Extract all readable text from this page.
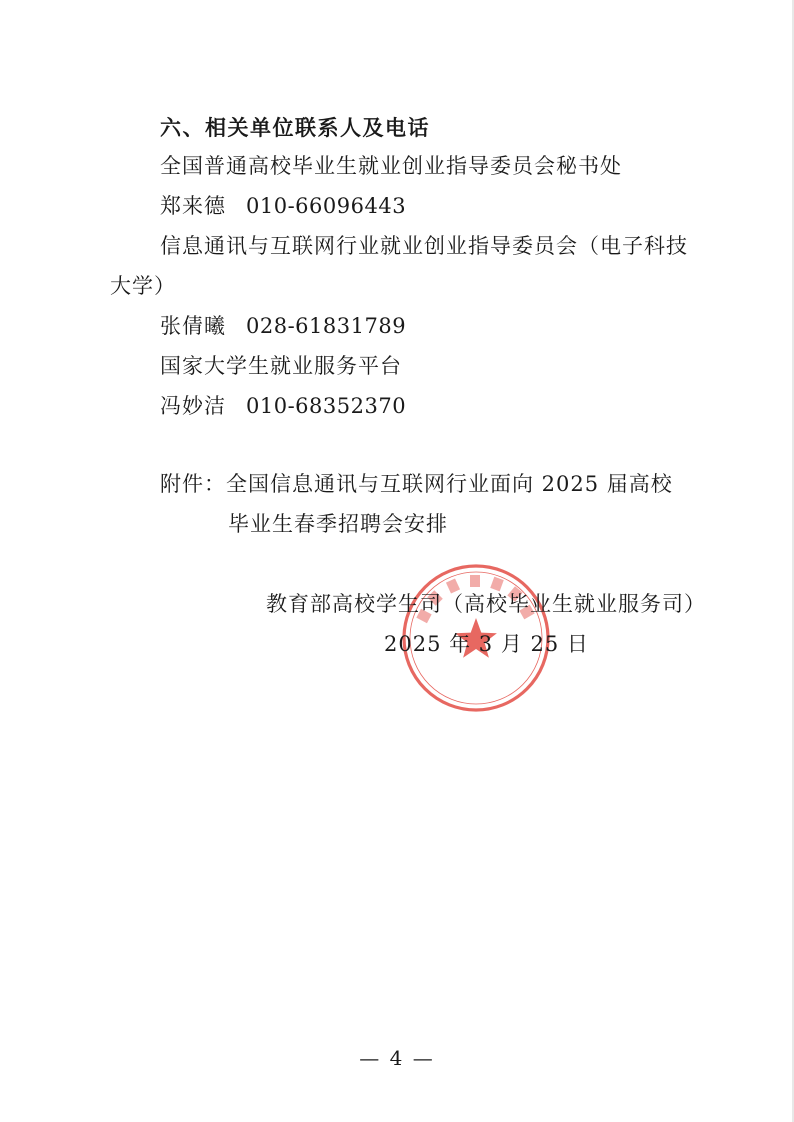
六、相关单位联系人及电话
全国普通高校毕业生就业创业指导委员会秘书处
郑来德 010-66096443
信息通讯与互联网行业就业创业指导委员会（电子科技
大学）
张倩曦 028-61831789
国家大学生就业服务平台
冯妙洁 010-68352370
附件：全国信息通讯与互联网行业面向 2025 届高校
毕业生春季招聘会安排
教育部高校学生司（高校毕业生就业服务司）
2025 年 3 月 25 日
— 4 —
